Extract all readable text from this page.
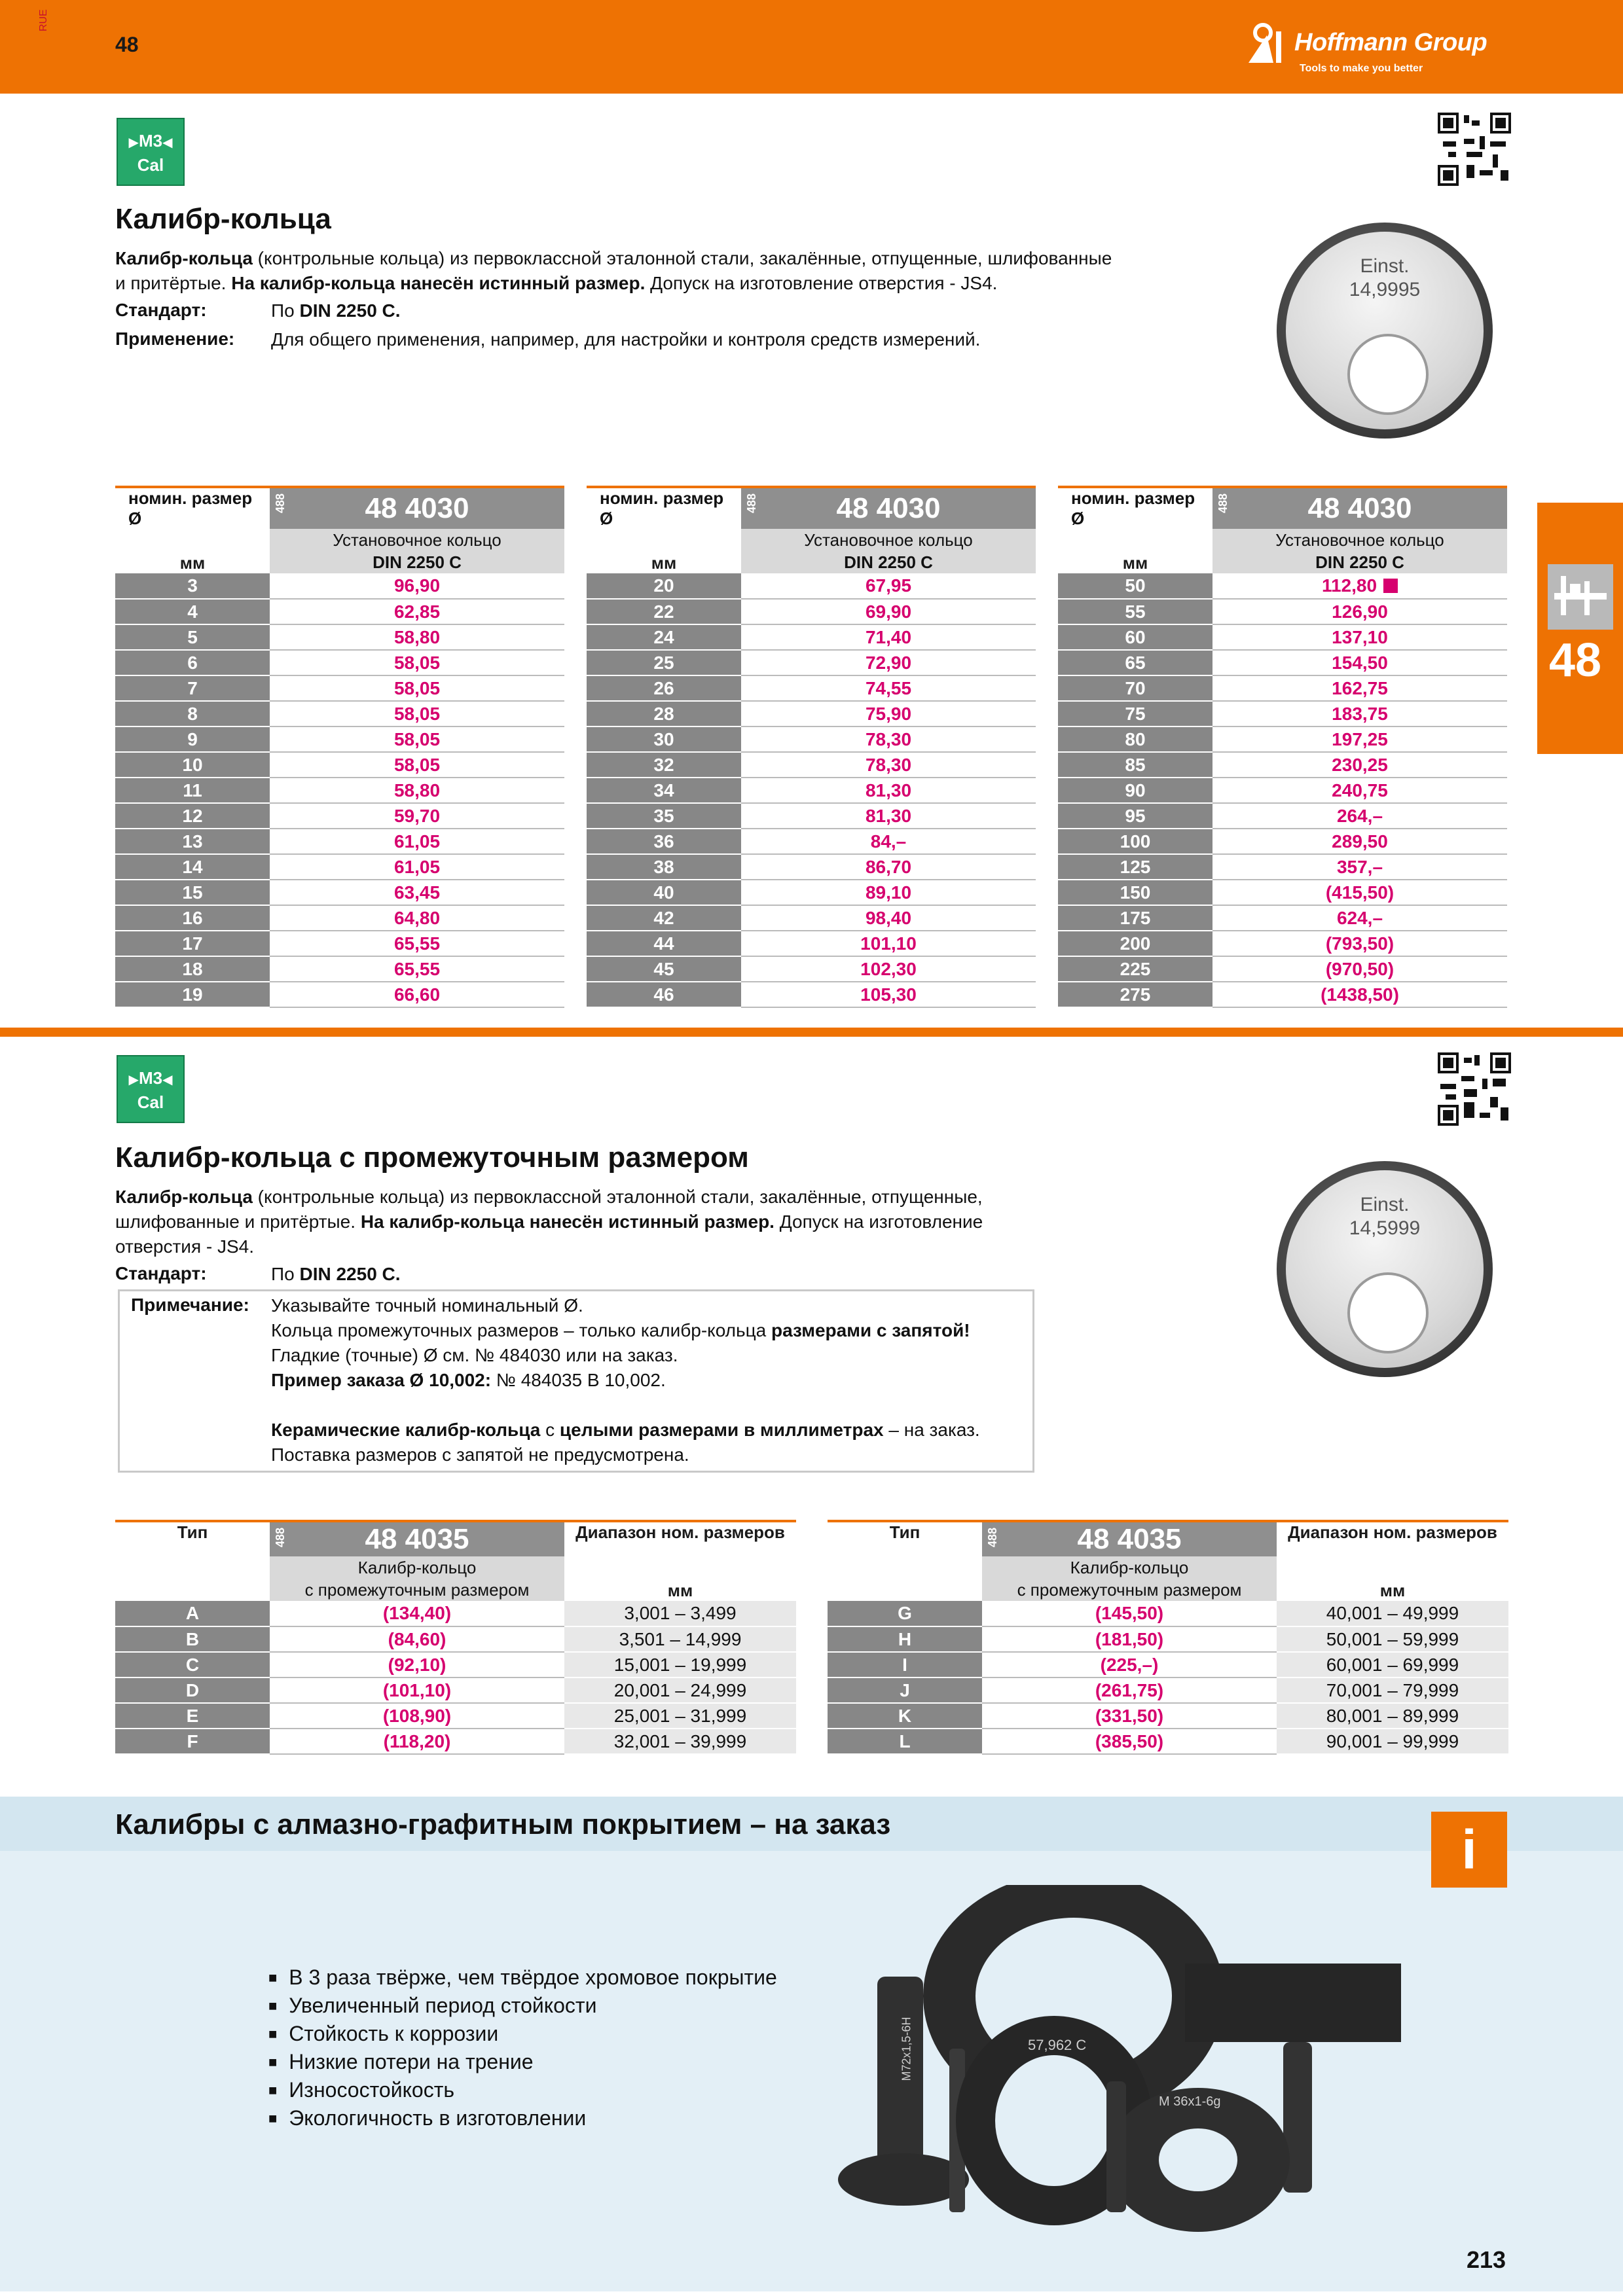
RUE
48	Hoffmann Group
Tools to make you better
48
▶M3◀
Cal
Калибр-кольца
Калибр-кольца (контрольные кольца) из первоклассной эталонной стали, закалённые, отпущенные, шлифованные
и притёртые. На калибр-кольца нанесён истинный размер. Допуск на изготовление отверстия - JS4.
Стандарт:	По DIN 2250 C.
Применение: Для общего применения, например, для настройки и контроля средств измерений.
Einst.
14,9995
номин. размер Ø	488 48 4030
мм	Установочное кольцо
DIN 2250 C

3	96,90
4	62,85
5	58,80
6	58,05
7	58,05
8	58,05
9	58,05
10	58,05
11	58,80
12	59,70
13	61,05
14	61,05
15	63,45
16	64,80
17	65,55
18	65,55
19	66,60
номин. размер Ø	488 48 4030
мм	Установочное кольцо
DIN 2250 C

20	67,95
22	69,90
24	71,40
25	72,90
26	74,55
28	75,90
30	78,30
32	78,30
34	81,30
35	81,30
36	84,–
38	86,70
40	89,10
42	98,40
44	101,10
45	102,30
46	105,30
номин. размер Ø	488 48 4030
мм	Установочное кольцо
DIN 2250 C

50	112,80
55	126,90
60	137,10
65	154,50
70	162,75
75	183,75
80	197,25
85	230,25
90	240,75
95	264,–
100	289,50
125	357,–
150	(415,50)
175	624,–
200	(793,50)
225	(970,50)
275	(1438,50)
▶M3◀
Cal
Калибр-кольца с промежуточным размером
Калибр-кольца (контрольные кольца) из первоклассной эталонной стали, закалённые, отпущенные,
шлифованные и притёртые. На калибр-кольца нанесён истинный размер. Допуск на изготовление
отверстия - JS4.
Стандарт:	По DIN 2250 C.
Примечание: Указывайте точный номинальный Ø.
Кольца промежуточных размеров – только калибр-кольца размерами с запятой!
Гладкие (точные) Ø см. № 484030 или на заказ.
Пример заказа Ø 10,002: № 484035 В 10,002.
Керамические калибр-кольца с целыми размерами в миллиметрах – на заказ.
Поставка размеров с запятой не предусмотрена.
Einst.
14,5999
Тип	488 48 4035	Диапазон ном. размеров

	Калибр-кольцо
с промежуточным размером	мм
A	(134,40)	3,001 – 3,499
B	(84,60)	3,501 – 14,999
C	(92,10)	15,001 – 19,999
D	(101,10)	20,001 – 24,999
E	(108,90)	25,001 – 31,999
F	(118,20)	32,001 – 39,999
Тип	488 48 4035	Диапазон ном. размеров

	Калибр-кольцо
с промежуточным размером	мм
G	(145,50)	40,001 – 49,999
H	(181,50)	50,001 – 59,999
I	(225,–)	60,001 – 69,999
J	(261,75)	70,001 – 79,999
K	(331,50)	80,001 – 89,999
L	(385,50)	90,001 – 99,999
Калибры с алмазно-графитным покрытием – на заказ	i
■ В 3 раза твёрже, чем твёрдое хромовое покрытие
■ Увеличенный период стойкости
■ Стойкость к коррозии
■ Низкие потери на трение
■ Износостойкость
■ Экологичность в изготовлении
57,962 C
M 36x1-6g
M72x1,5-6H
213
